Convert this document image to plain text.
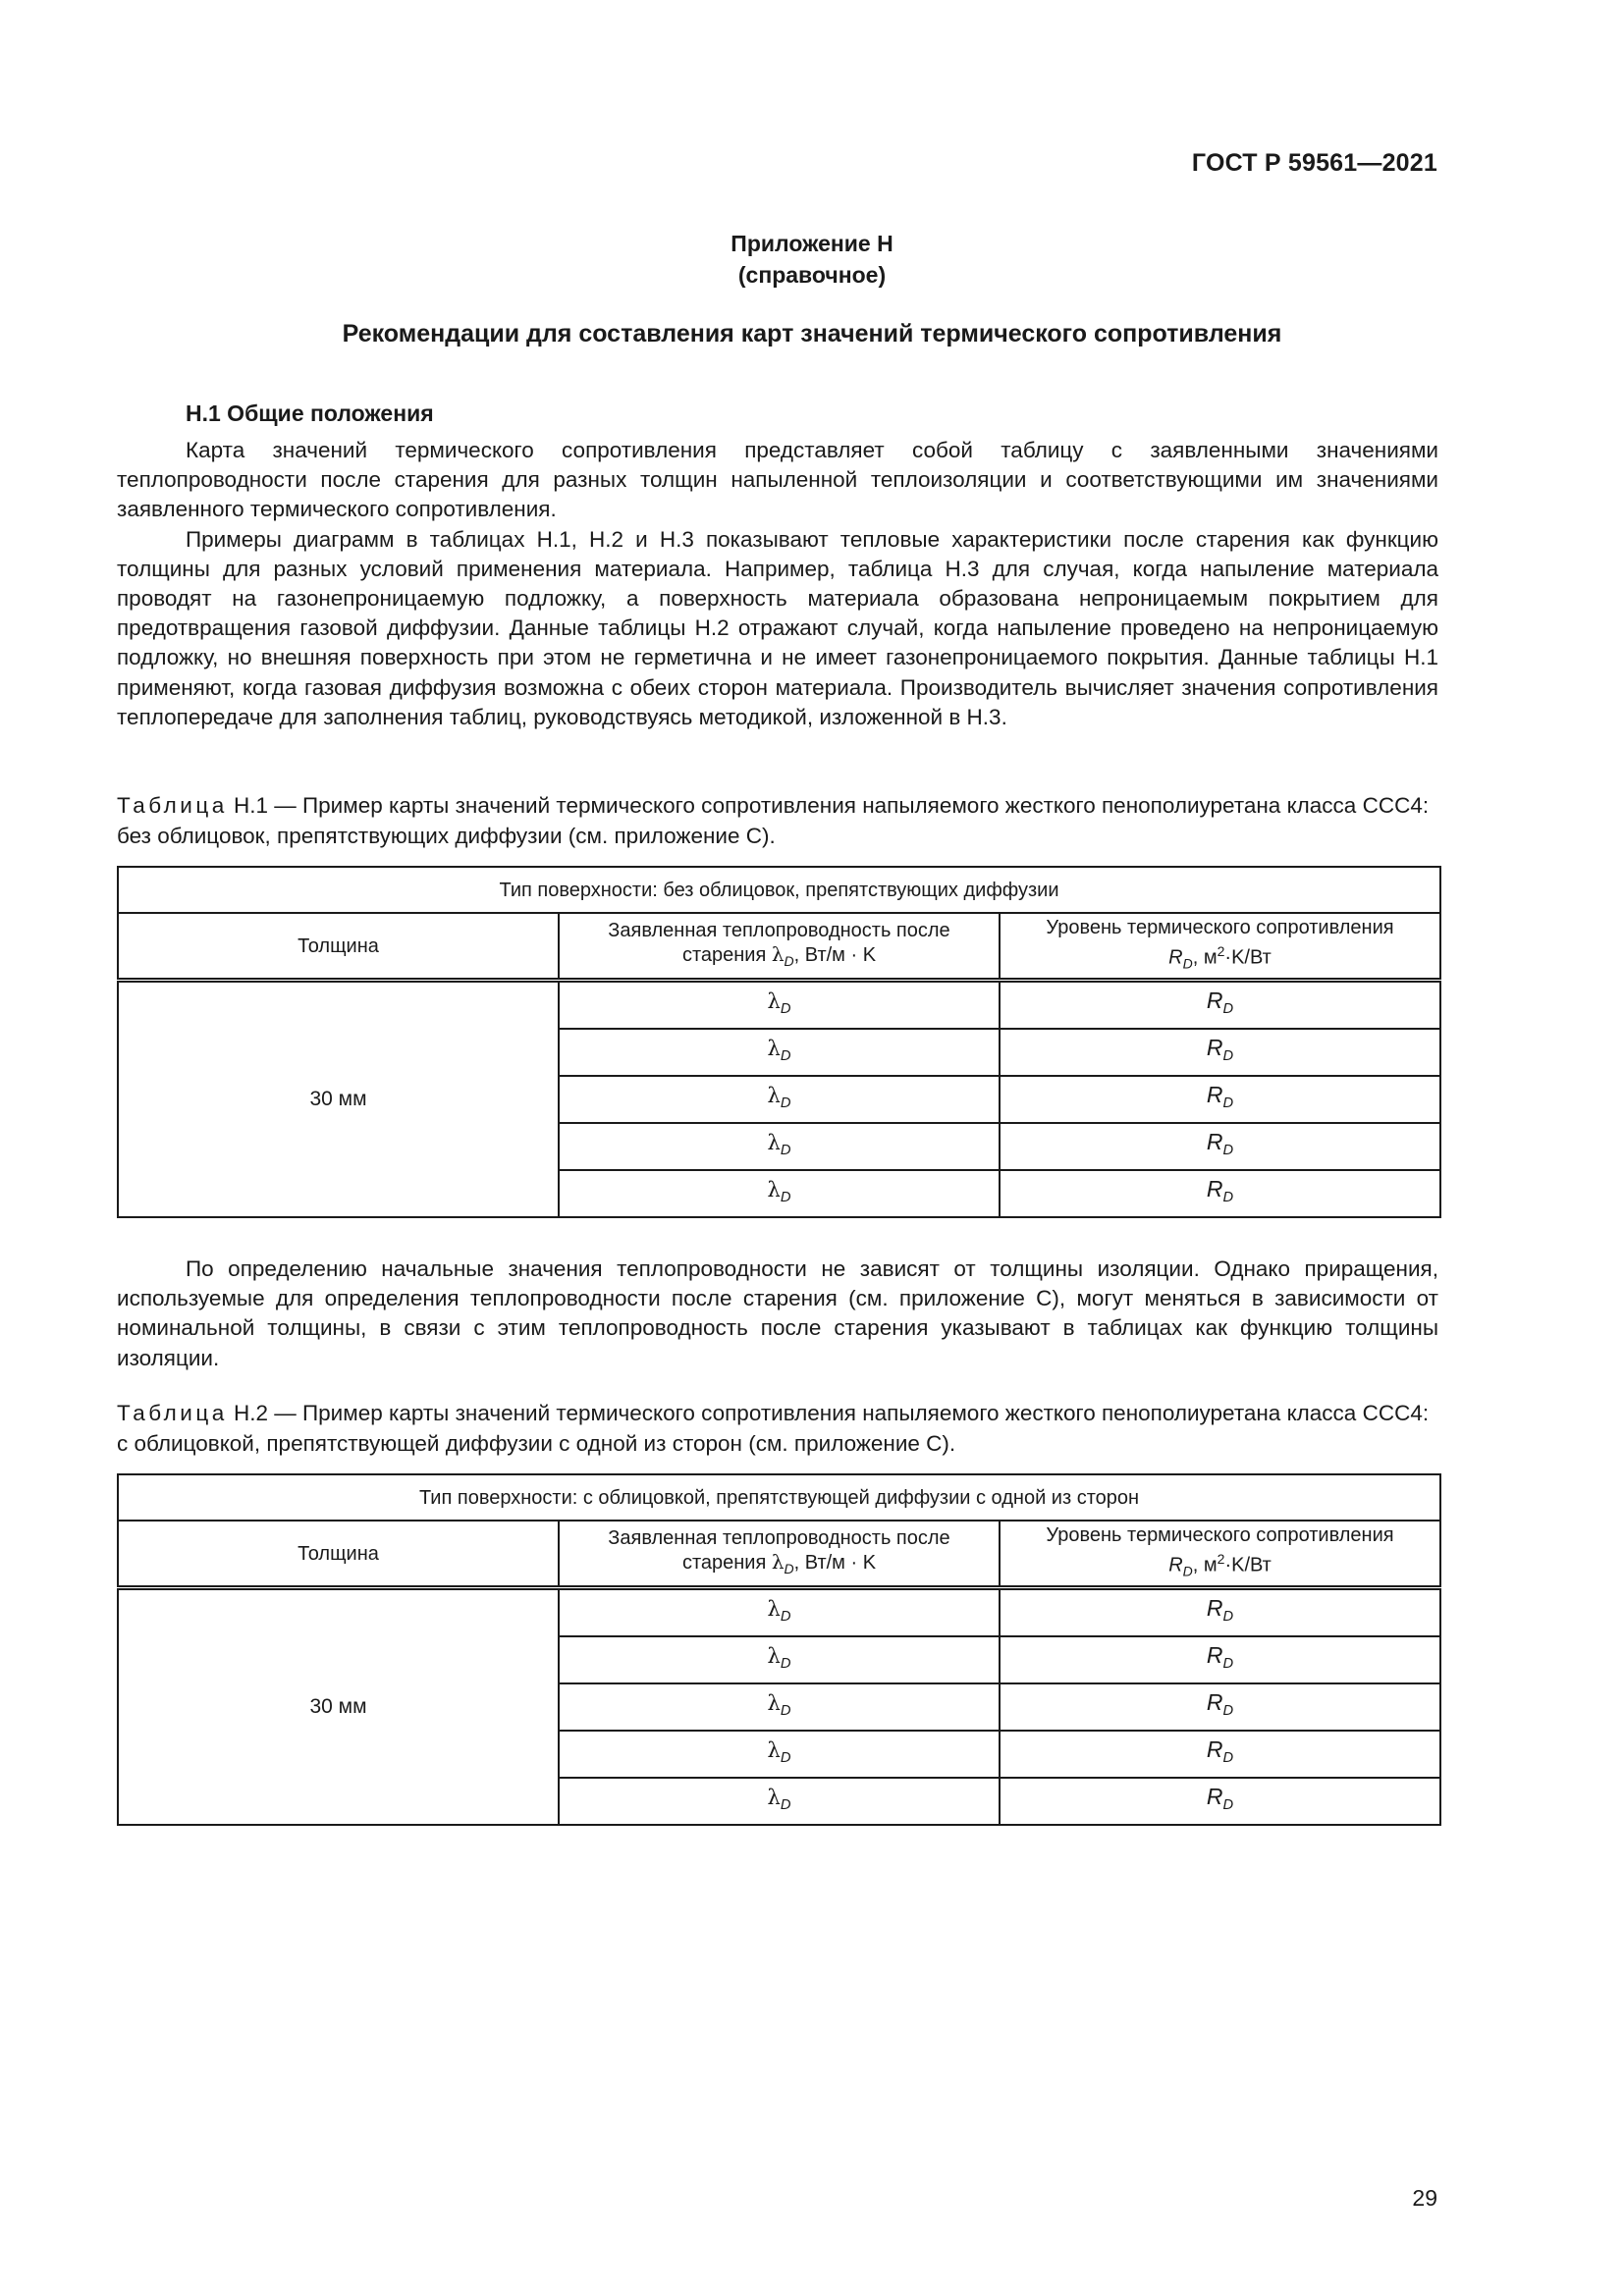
ГОСТ Р 59561—2021
Приложение Н
(справочное)
Рекомендации для составления карт значений термического сопротивления
Н.1 Общие положения

Карта значений термического сопротивления представляет собой таблицу с заявленными значениями теплопроводности после старения для разных толщин напыленной теплоизоляции и соответствующими им значениями заявленного термического сопротивления.

Примеры диаграмм в таблицах Н.1, Н.2 и Н.3 показывают тепловые характеристики после старения как функцию толщины для разных условий применения материала. Например, таблица Н.3 для случая, когда напыление материала проводят на газонепроницаемую подложку, а поверхность материала образована непроницаемым покрытием для предотвращения газовой диффузии. Данные таблицы Н.2 отражают случай, когда напыление проведено на непроницаемую подложку, но внешняя поверхность при этом не герметична и не имеет газонепроницаемого покрытия. Данные таблицы Н.1 применяют, когда газовая диффузия возможна с обеих сторон материала. Производитель вычисляет значения сопротивления теплопередаче для заполнения таблиц, руководствуясь методикой, изложенной в Н.3.

Таблица Н.1 — Пример карты значений термического сопротивления напыляемого жесткого пенополиуретана класса ССС4: без облицовок, препятствующих диффузии (см. приложение С).

Тип поверхности: без облицовок, препятствующих диффузии		
Толщина	Заявленная теплопроводность после старения $\lambda_D$, Вт/м · K	Уровень термического сопротивления
$R_D$, $м^2\cdot K/Вт$
30 мм	$\lambda_D$	$R_D$
	$\lambda_D$	$R_D$
	$\lambda_D$	$R_D$
	$\lambda_D$	$R_D$
	$\lambda_D$	$R_D$

По определению начальные значения теплопроводности не зависят от толщины изоляции. Однако приращения, используемые для определения теплопроводности после старения (см. приложение С), могут меняться в зависимости от номинальной толщины, в связи с этим теплопроводность после старения указывают в таблицах как функцию толщины изоляции.

Таблица Н.2 — Пример карты значений термического сопротивления напыляемого жесткого пенополиуретана класса ССС4: с облицовкой, препятствующей диффузии с одной из сторон (см. приложение С).

Тип поверхности: с облицовкой, препятствующей диффузии с одной из сторон		
Толщина	Заявленная теплопроводность после старения $\lambda_D$, Вт/м · K	Уровень термического сопротивления
$R_D$, $м^2\cdot K/Вт$
30 мм	$\lambda_D$	$R_D$
	$\lambda_D$	$R_D$
	$\lambda_D$	$R_D$
	$\lambda_D$	$R_D$
	$\lambda_D$	$R_D$
29
